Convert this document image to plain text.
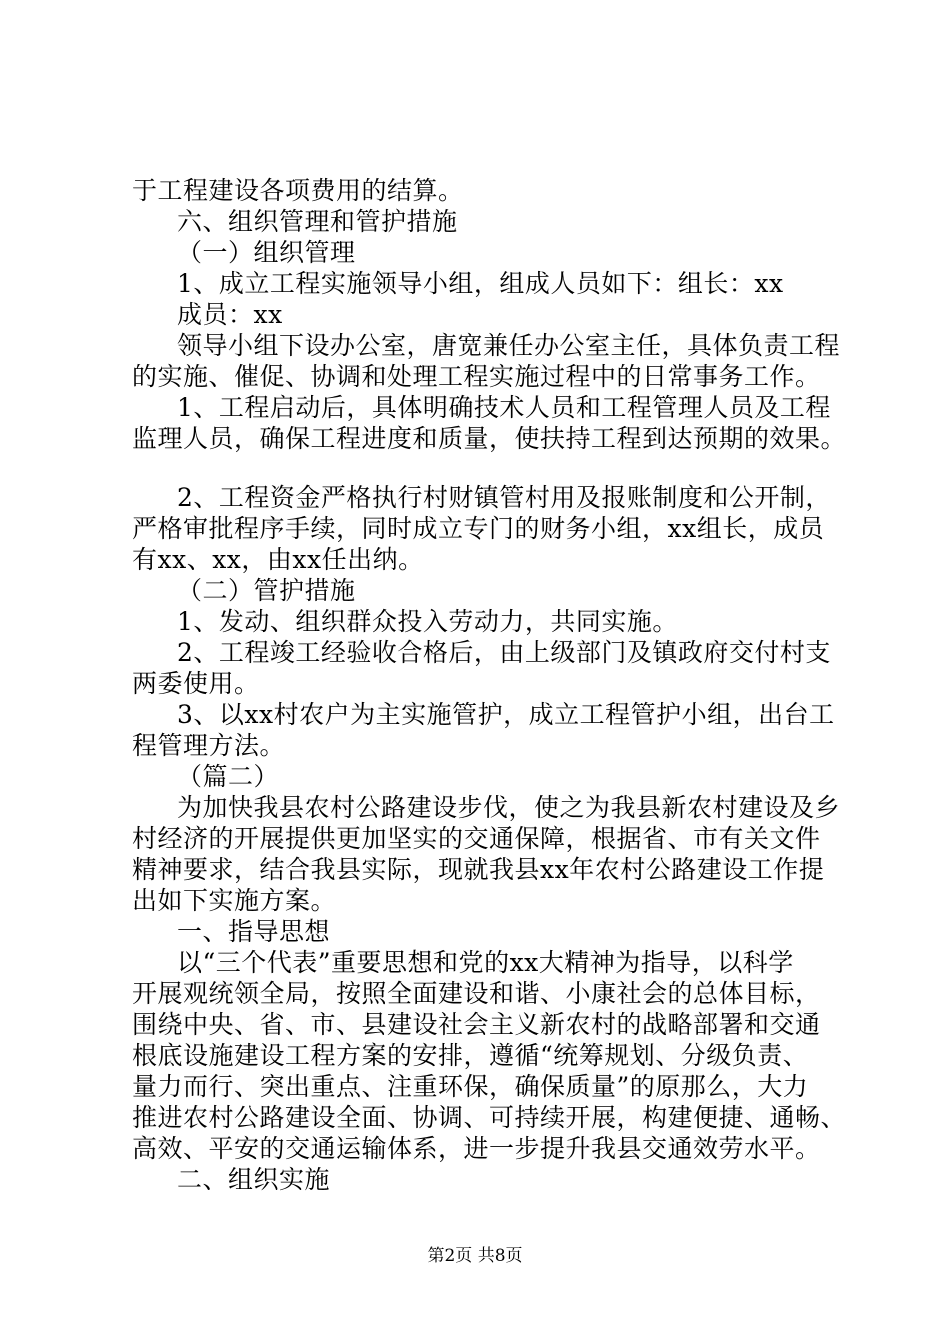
于工程建设各项费用的结算。
六、组织管理和管护措施
（一）组织管理
1、成立工程实施领导小组，组成人员如下：组长：xx
成员：xx
领导小组下设办公室，唐宽兼任办公室主任，具体负责工程
的实施、催促、协调和处理工程实施过程中的日常事务工作。
1、工程启动后，具体明确技术人员和工程管理人员及工程
监理人员，确保工程进度和质量，使扶持工程到达预期的效果。
2、工程资金严格执行村财镇管村用及报账制度和公开制，
严格审批程序手续，同时成立专门的财务小组，xx组长，成员
有xx、xx，由xx任出纳。
（二）管护措施
1、发动、组织群众投入劳动力，共同实施。
2、工程竣工经验收合格后，由上级部门及镇政府交付村支
两委使用。
3、以xx村农户为主实施管护，成立工程管护小组，出台工
程管理方法。
（篇二）
为加快我县农村公路建设步伐，使之为我县新农村建设及乡
村经济的开展提供更加坚实的交通保障，根据省、市有关文件
精神要求，结合我县实际，现就我县xx年农村公路建设工作提
出如下实施方案。
一、指导思想
以“三个代表”重要思想和党的xx大精神为指导，以科学
开展观统领全局，按照全面建设和谐、小康社会的总体目标，
围绕中央、省、市、县建设社会主义新农村的战略部署和交通
根底设施建设工程方案的安排，遵循“统筹规划、分级负责、
量力而行、突出重点、注重环保，确保质量”的原那么，大力
推进农村公路建设全面、协调、可持续开展，构建便捷、通畅、
高效、平安的交通运输体系，进一步提升我县交通效劳水平。
二、组织实施
第2页 共8页
